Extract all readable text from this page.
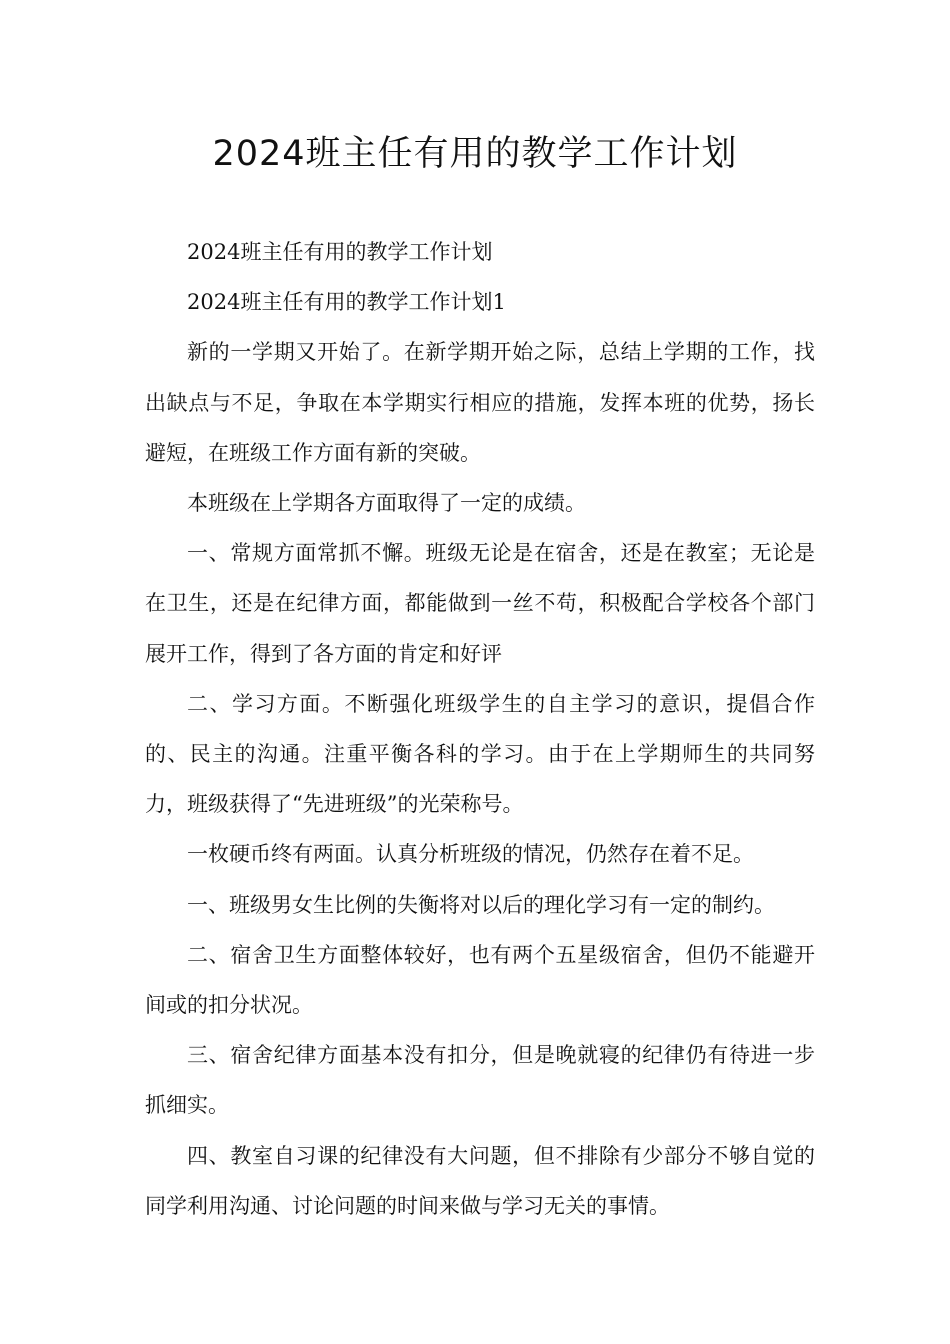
2024班主任有用的教学工作计划

2024班主任有用的教学工作计划

2024班主任有用的教学工作计划1

新的一学期又开始了。在新学期开始之际，总结上学期的工作，找出缺点与不足，争取在本学期实行相应的措施，发挥本班的优势，扬长避短，在班级工作方面有新的突破。

本班级在上学期各方面取得了一定的成绩。

一、常规方面常抓不懈。班级无论是在宿舍，还是在教室；无论是在卫生，还是在纪律方面，都能做到一丝不苟，积极配合学校各个部门展开工作，得到了各方面的肯定和好评

二、学习方面。不断强化班级学生的自主学习的意识，提倡合作的、民主的沟通。注重平衡各科的学习。由于在上学期师生的共同努力，班级获得了“先进班级”的光荣称号。

一枚硬币终有两面。认真分析班级的情况，仍然存在着不足。

一、班级男女生比例的失衡将对以后的理化学习有一定的制约。

二、宿舍卫生方面整体较好，也有两个五星级宿舍，但仍不能避开间或的扣分状况。

三、宿舍纪律方面基本没有扣分，但是晚就寝的纪律仍有待进一步抓细实。

四、教室自习课的纪律没有大问题，但不排除有少部分不够自觉的同学利用沟通、讨论问题的时间来做与学习无关的事情。
